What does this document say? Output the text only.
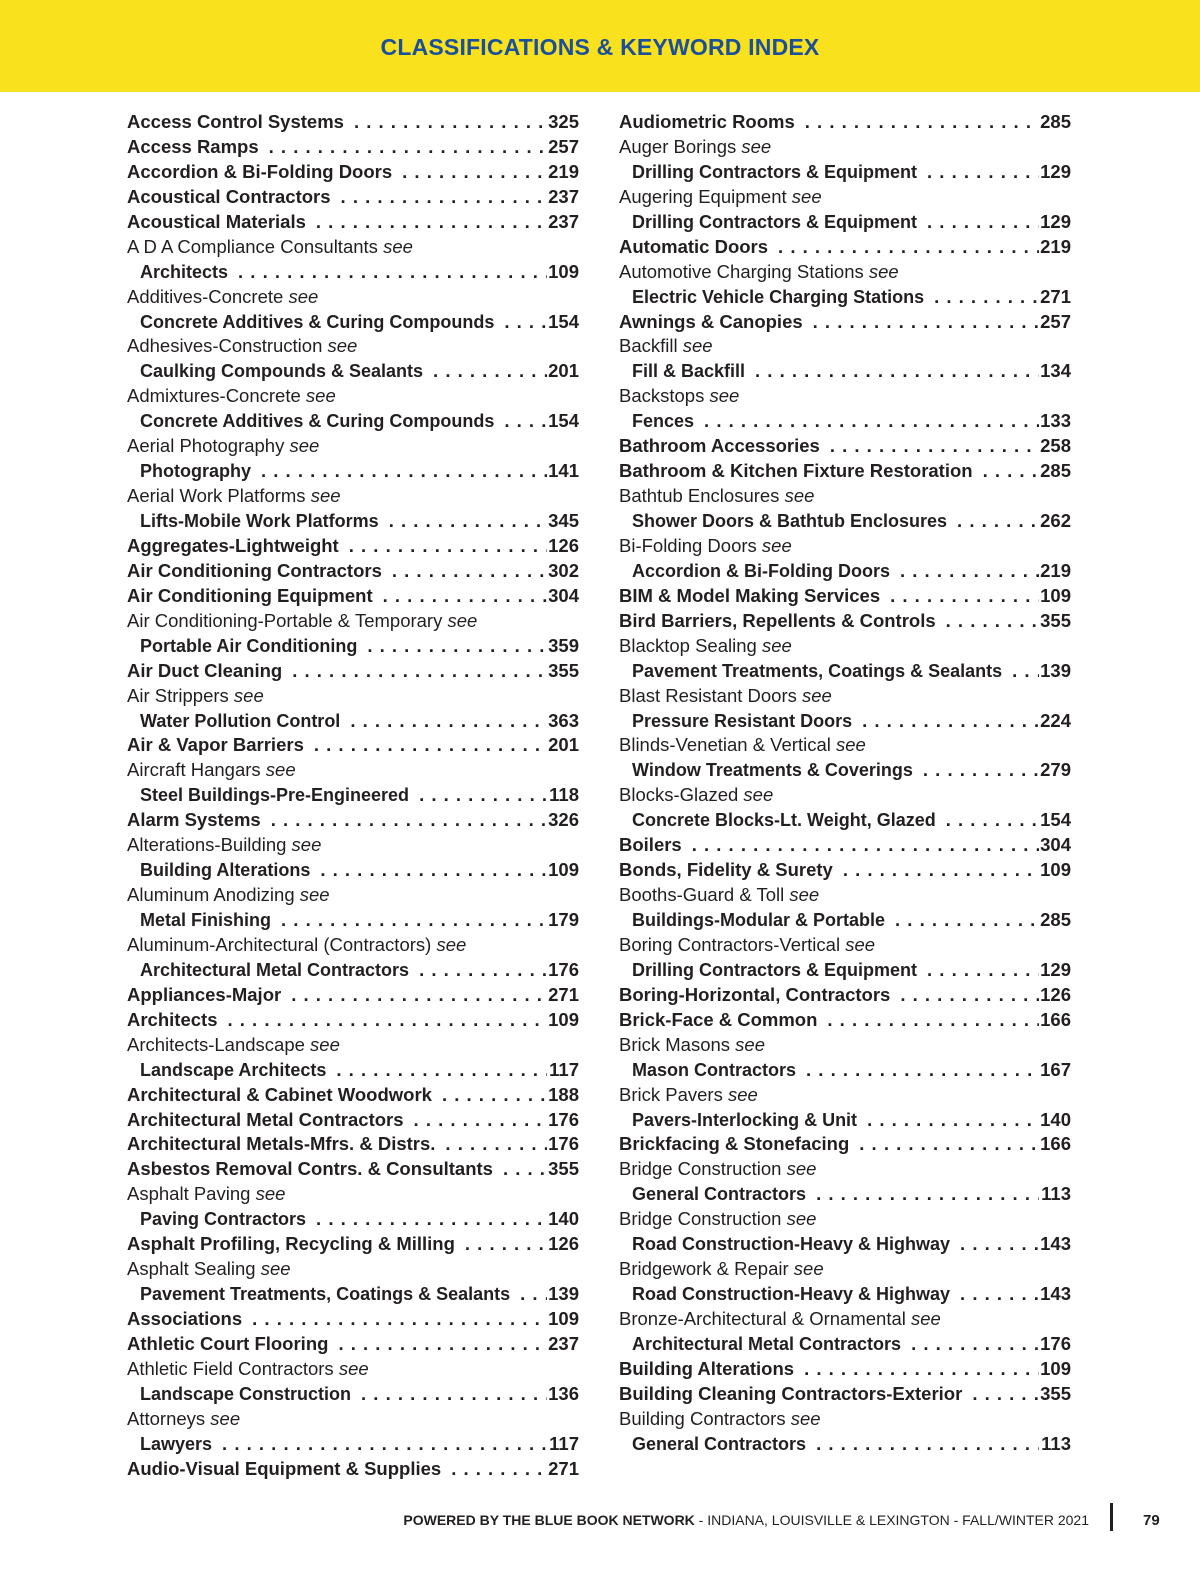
CLASSIFICATIONS & KEYWORD INDEX
Access Control Systems . . .	325
Access Ramps . . .	257
Accordion & Bi-Folding Doors . . .	219
Acoustical Contractors . . .	237
Acoustical Materials . . .	237
A D A Compliance Consultants see
Architects . . .	109
Additives-Concrete see
Concrete Additives & Curing Compounds . . .	154
Adhesives-Construction see
Caulking Compounds & Sealants . . .	201
Admixtures-Concrete see
Concrete Additives & Curing Compounds . . .	154
Aerial Photography see
Photography . . .	141
Aerial Work Platforms see
Lifts-Mobile Work Platforms . . .	345
Aggregates-Lightweight . . .	126
Air Conditioning Contractors . . .	302
Air Conditioning Equipment . . .	304
Air Conditioning-Portable & Temporary see
Portable Air Conditioning . . .	359
Air Duct Cleaning . . .	355
Air Strippers see
Water Pollution Control . . .	363
Air & Vapor Barriers . . .	201
Aircraft Hangars see
Steel Buildings-Pre-Engineered . . .	118
Alarm Systems . . .	326
Alterations-Building see
Building Alterations . . .	109
Aluminum Anodizing see
Metal Finishing . . .	179
Aluminum-Architectural (Contractors) see
Architectural Metal Contractors . . .	176
Appliances-Major . . .	271
Architects . . .	109
Architects-Landscape see
Landscape Architects . . .	117
Architectural & Cabinet Woodwork . . .	188
Architectural Metal Contractors . . .	176
Architectural Metals-Mfrs. & Distrs. . . .	176
Asbestos Removal Contrs. & Consultants . . .	355
Asphalt Paving see
Paving Contractors . . .	140
Asphalt Profiling, Recycling & Milling . . .	126
Asphalt Sealing see
Pavement Treatments, Coatings & Sealants . . . 139
Associations . . .	109
Athletic Court Flooring . . .	237
Athletic Field Contractors see
Landscape Construction . . .	136
Attorneys see
Lawyers . . .	117
Audio-Visual Equipment & Supplies . . .	271
Audiometric Rooms . . .	285
Auger Borings see
Drilling Contractors & Equipment . . .	129
Augering Equipment see
Drilling Contractors & Equipment . . .	129
Automatic Doors . . .	219
Automotive Charging Stations see
Electric Vehicle Charging Stations . . .	271
Awnings & Canopies . . .	257
Backfill see
Fill & Backfill . . .	134
Backstops see
Fences . . .	133
Bathroom Accessories . . .	258
Bathroom & Kitchen Fixture Restoration . . .	285
Bathtub Enclosures see
Shower Doors & Bathtub Enclosures . . .	262
Bi-Folding Doors see
Accordion & Bi-Folding Doors . . .	219
BIM & Model Making Services . . .	109
Bird Barriers, Repellents & Controls . . .	355
Blacktop Sealing see
Pavement Treatments, Coatings & Sealants . . . 139
Blast Resistant Doors see
Pressure Resistant Doors . . .	224
Blinds-Venetian & Vertical see
Window Treatments & Coverings . . .	279
Blocks-Glazed see
Concrete Blocks-Lt. Weight, Glazed . . .	154
Boilers . . .	304
Bonds, Fidelity & Surety . . .	109
Booths-Guard & Toll see
Buildings-Modular & Portable . . .	285
Boring Contractors-Vertical see
Drilling Contractors & Equipment . . .	129
Boring-Horizontal, Contractors . . .	126
Brick-Face & Common . . .	166
Brick Masons see
Mason Contractors . . .	167
Brick Pavers see
Pavers-Interlocking & Unit . . .	140
Brickfacing & Stonefacing . . .	166
Bridge Construction see
General Contractors . . .	113
Bridge Construction see
Road Construction-Heavy & Highway . . .	143
Bridgework & Repair see
Road Construction-Heavy & Highway . . .	143
Bronze-Architectural & Ornamental see
Architectural Metal Contractors . . .	176
Building Alterations . . .	109
Building Cleaning Contractors-Exterior . . .	355
Building Contractors see
General Contractors . . .	113
POWERED BY THE BLUE BOOK NETWORK - INDIANA, LOUISVILLE & LEXINGTON - FALL/WINTER 2021	79
